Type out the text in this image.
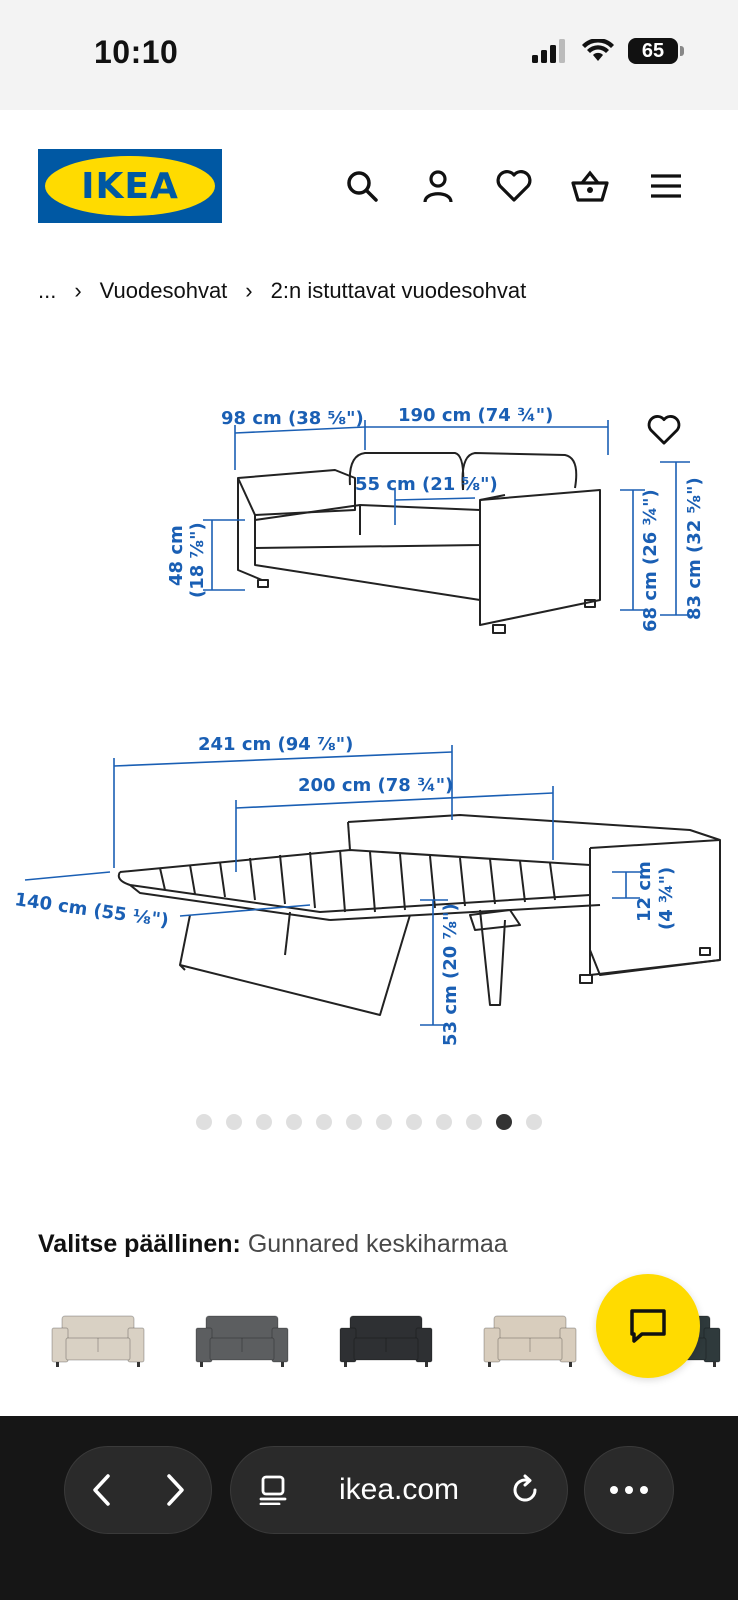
10:10	65
IKEA
... › Vuodesohvat › 2:n istuttavat vuodesohvat
98 cm (38 ⅝") 190 cm (74 ¾")
55 cm (21 ⅝")
48 cm (18 ⅞")	68 cm (26 ¾") 83 cm (32 ⅝")
241 cm (94 ⅞")
200 cm (78 ¾")
140 cm (55 ⅛")	12 cm (4 ¾")
53 cm (20 ⅞")
Valitse päällinen: Gunnared keskiharmaa
ikea.com
